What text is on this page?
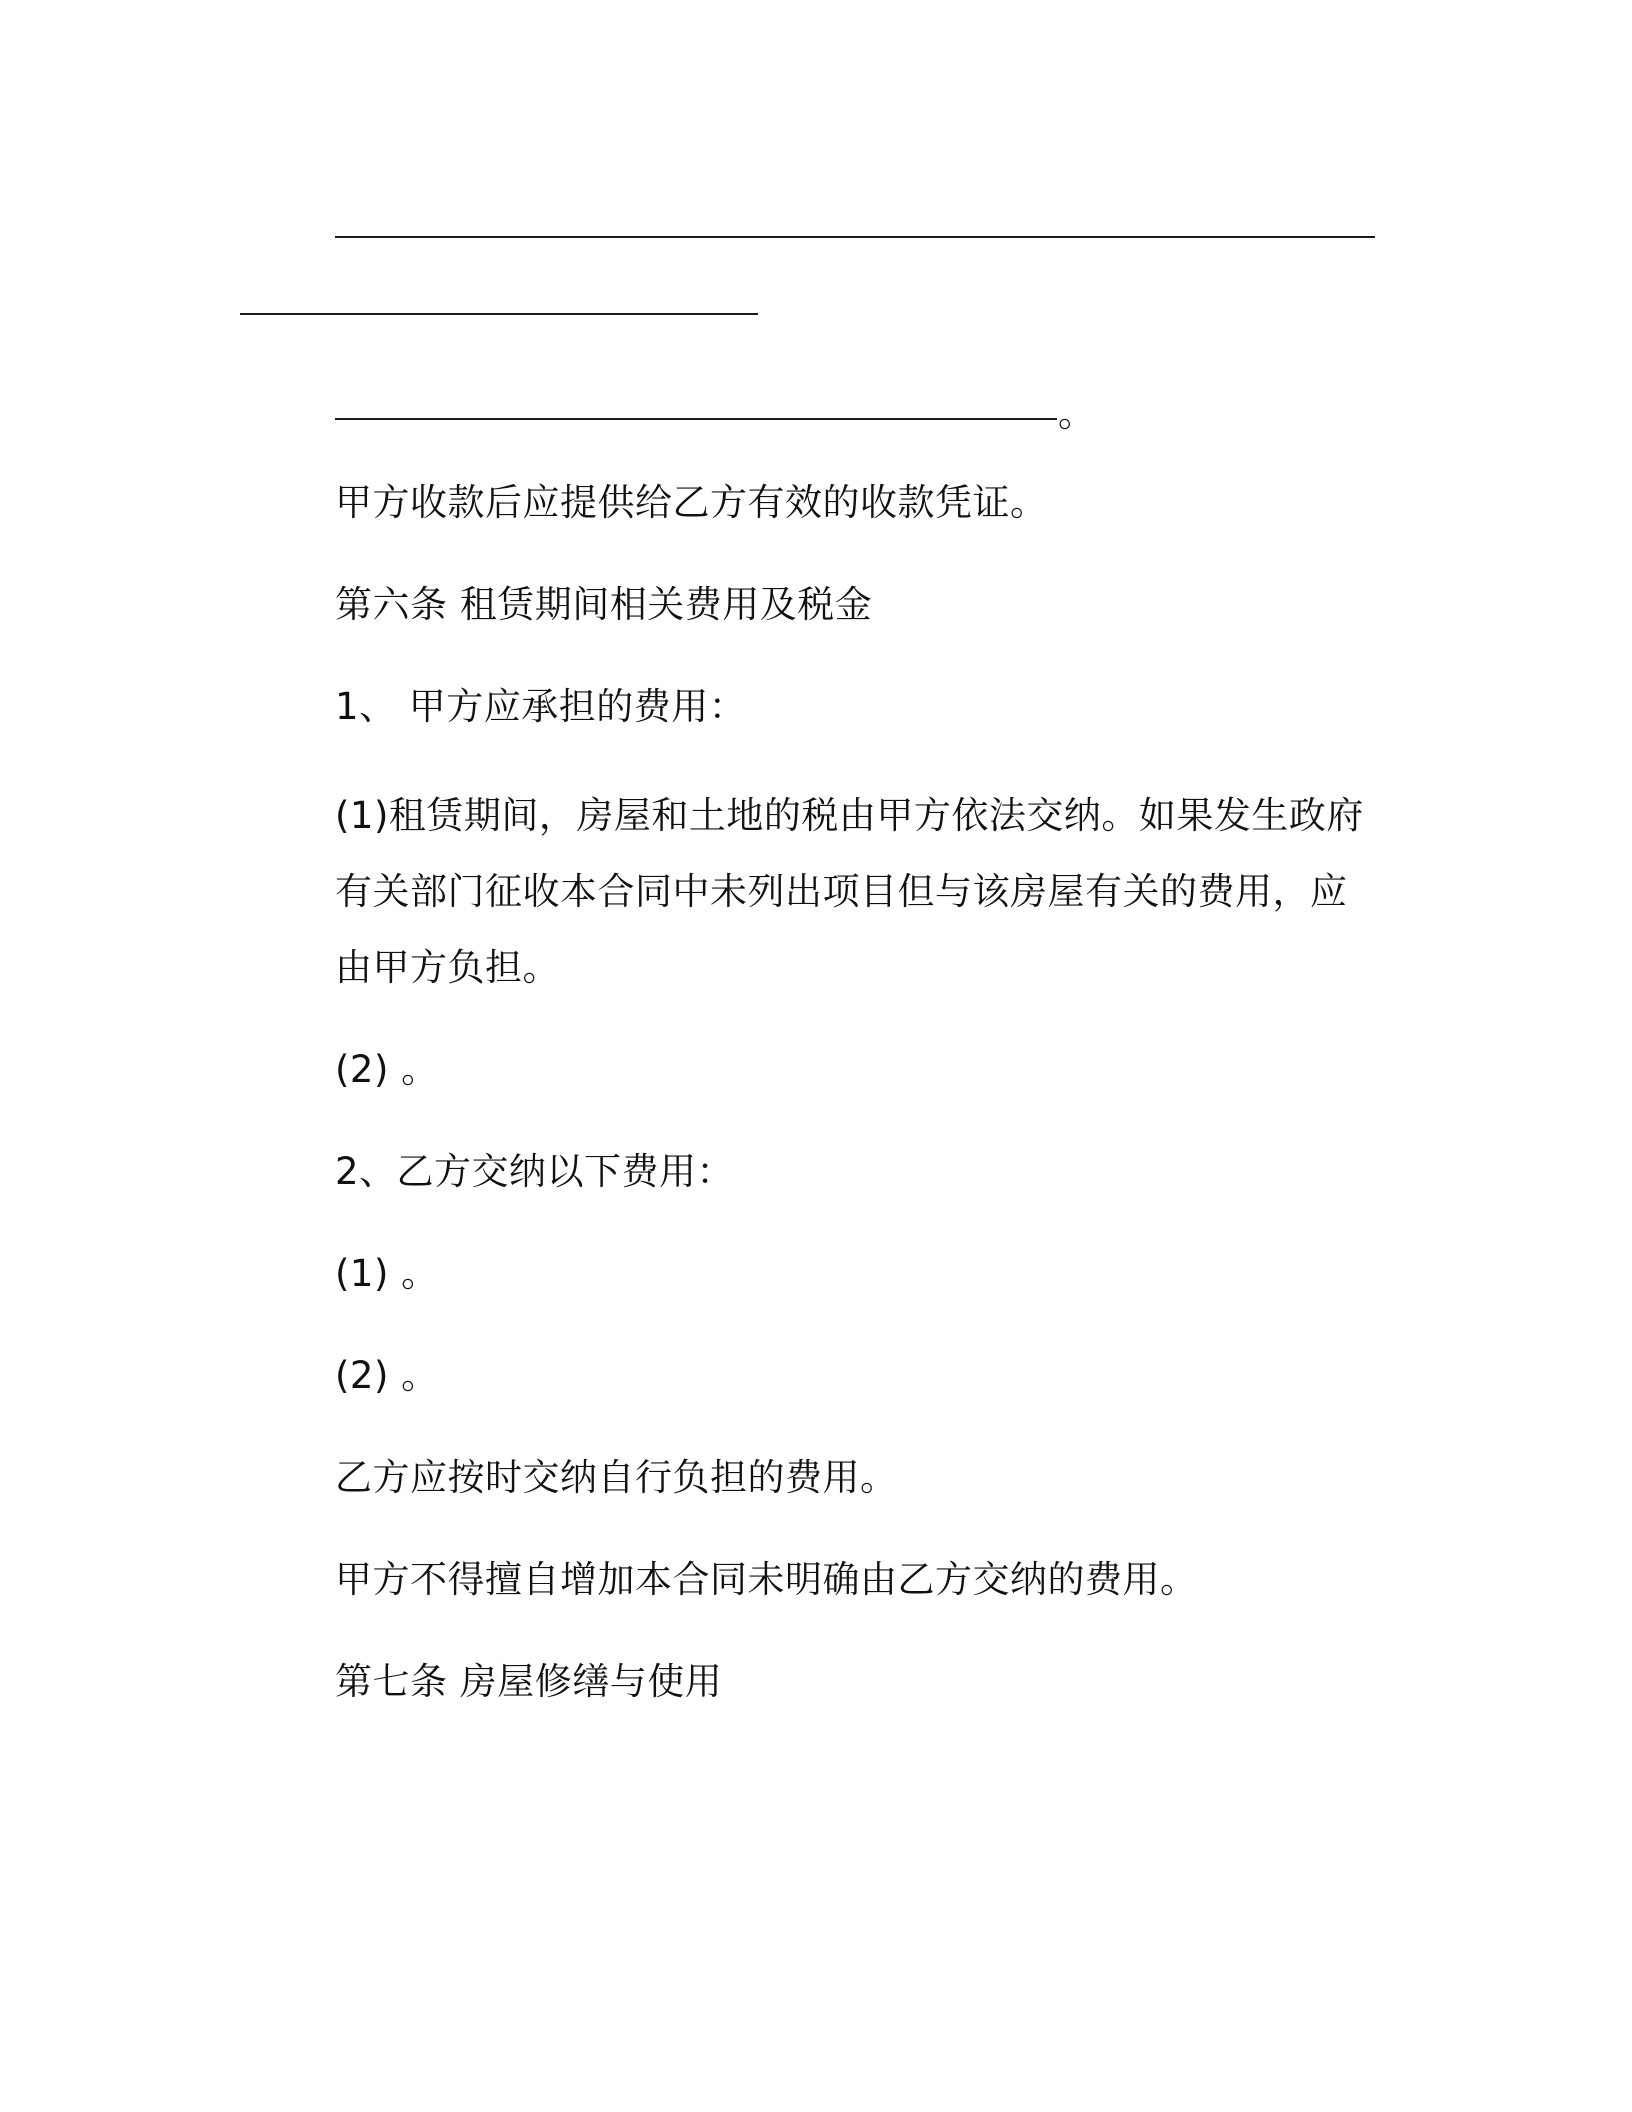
。
甲方收款后应提供给乙方有效的收款凭证。
第六条 租赁期间相关费用及税金
1、 甲方应承担的费用：
(1)租赁期间，房屋和土地的税由甲方依法交纳。如果发生政府有关部门征收本合同中未列出项目但与该房屋有关的费用，应由甲方负担。
(2) 。
2、乙方交纳以下费用：
(1) 。
(2) 。
乙方应按时交纳自行负担的费用。
甲方不得擅自增加本合同未明确由乙方交纳的费用。
第七条 房屋修缮与使用
